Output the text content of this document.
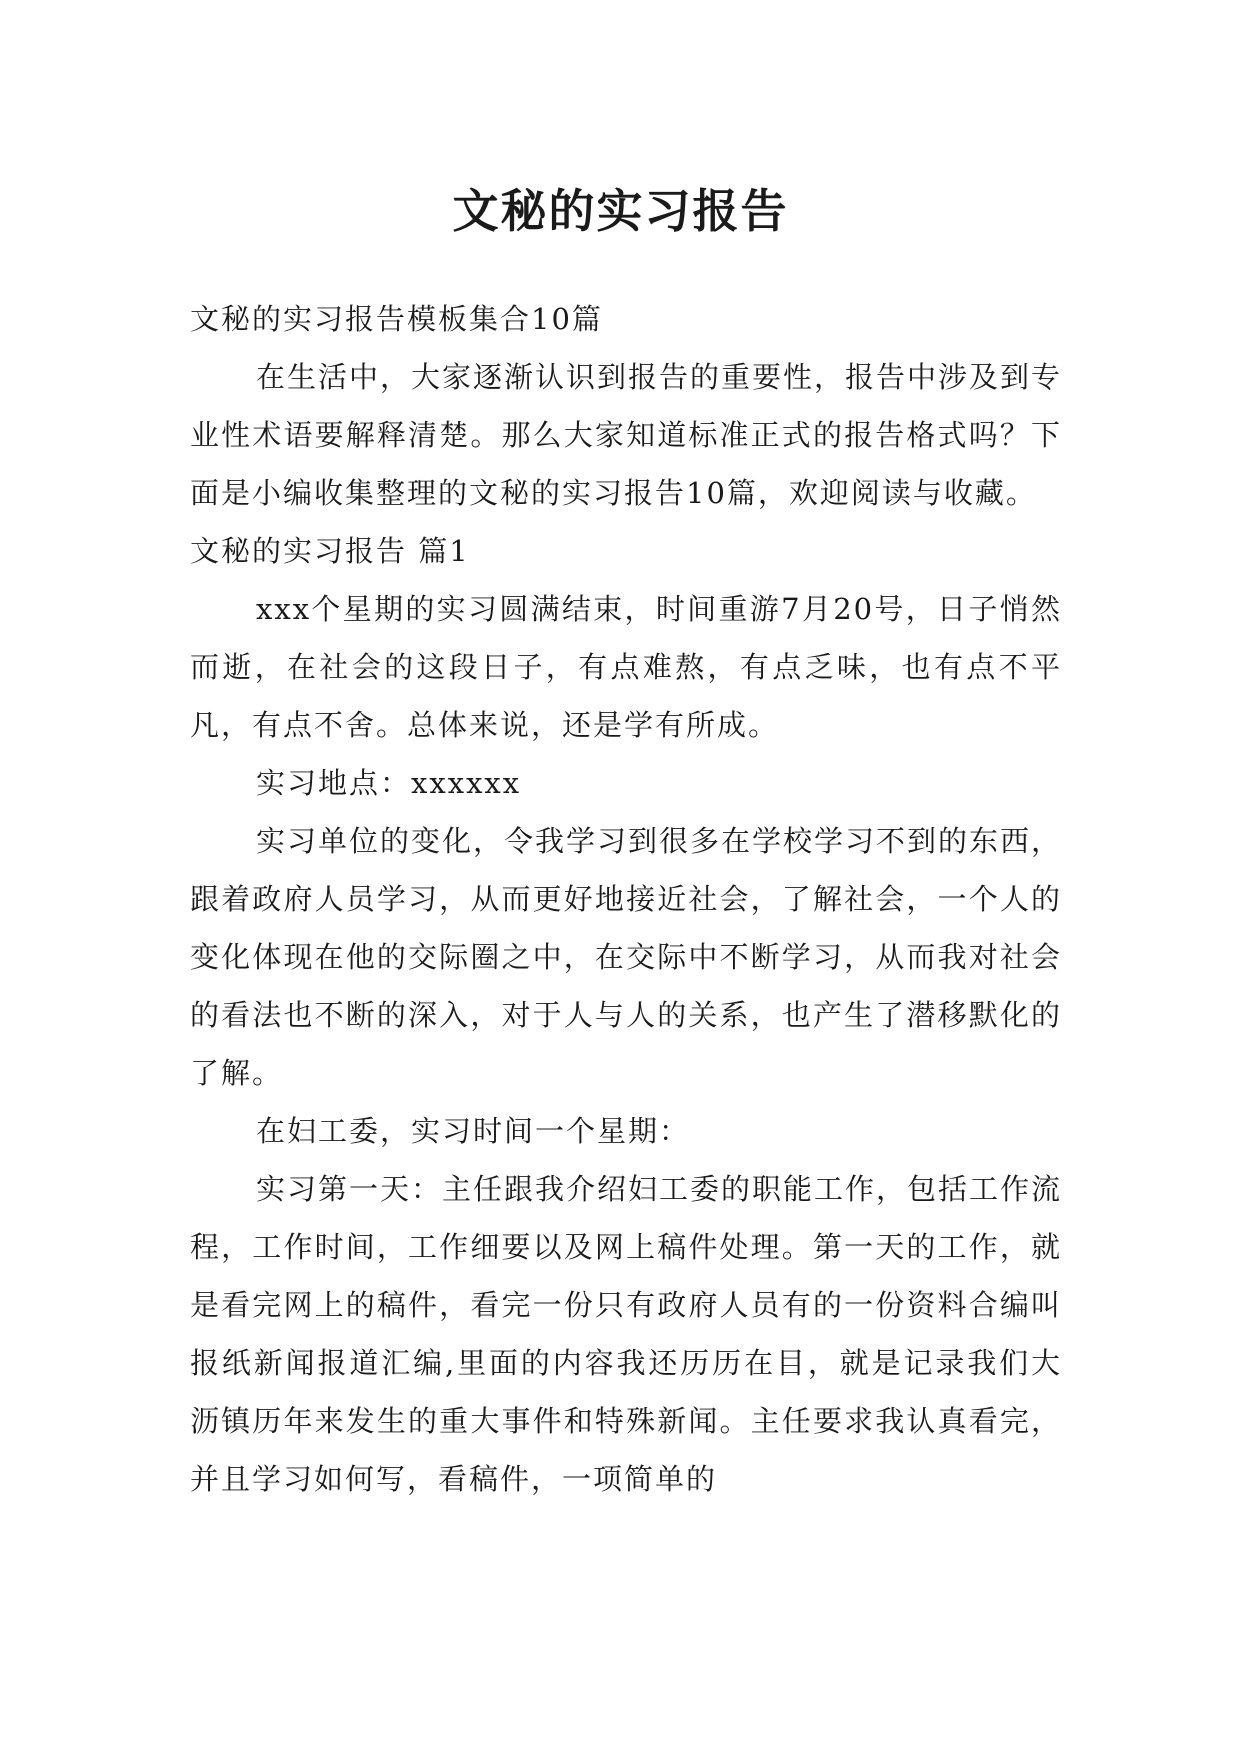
文秘的实习报告

文秘的实习报告模板集合10篇

在生活中，大家逐渐认识到报告的重要性，报告中涉及到专业性术语要解释清楚。那么大家知道标准正式的报告格式吗？下面是小编收集整理的文秘的实习报告10篇，欢迎阅读与收藏。

文秘的实习报告 篇1

xxx个星期的实习圆满结束，时间重游7月20号，日子悄然而逝，在社会的这段日子，有点难熬，有点乏味，也有点不平凡，有点不舍。总体来说，还是学有所成。

实习地点：xxxxxx

实习单位的变化，令我学习到很多在学校学习不到的东西，跟着政府人员学习，从而更好地接近社会，了解社会，一个人的变化体现在他的交际圈之中，在交际中不断学习，从而我对社会的看法也不断的深入，对于人与人的关系，也产生了潜移默化的了解。

在妇工委，实习时间一个星期：

实习第一天：主任跟我介绍妇工委的职能工作，包括工作流程，工作时间，工作细要以及网上稿件处理。第一天的工作，就是看完网上的稿件，看完一份只有政府人员有的一份资料合编叫报纸新闻报道汇编,里面的内容我还历历在目，就是记录我们大沥镇历年来发生的重大事件和特殊新闻。主任要求我认真看完，并且学习如何写，看稿件，一项简单的
